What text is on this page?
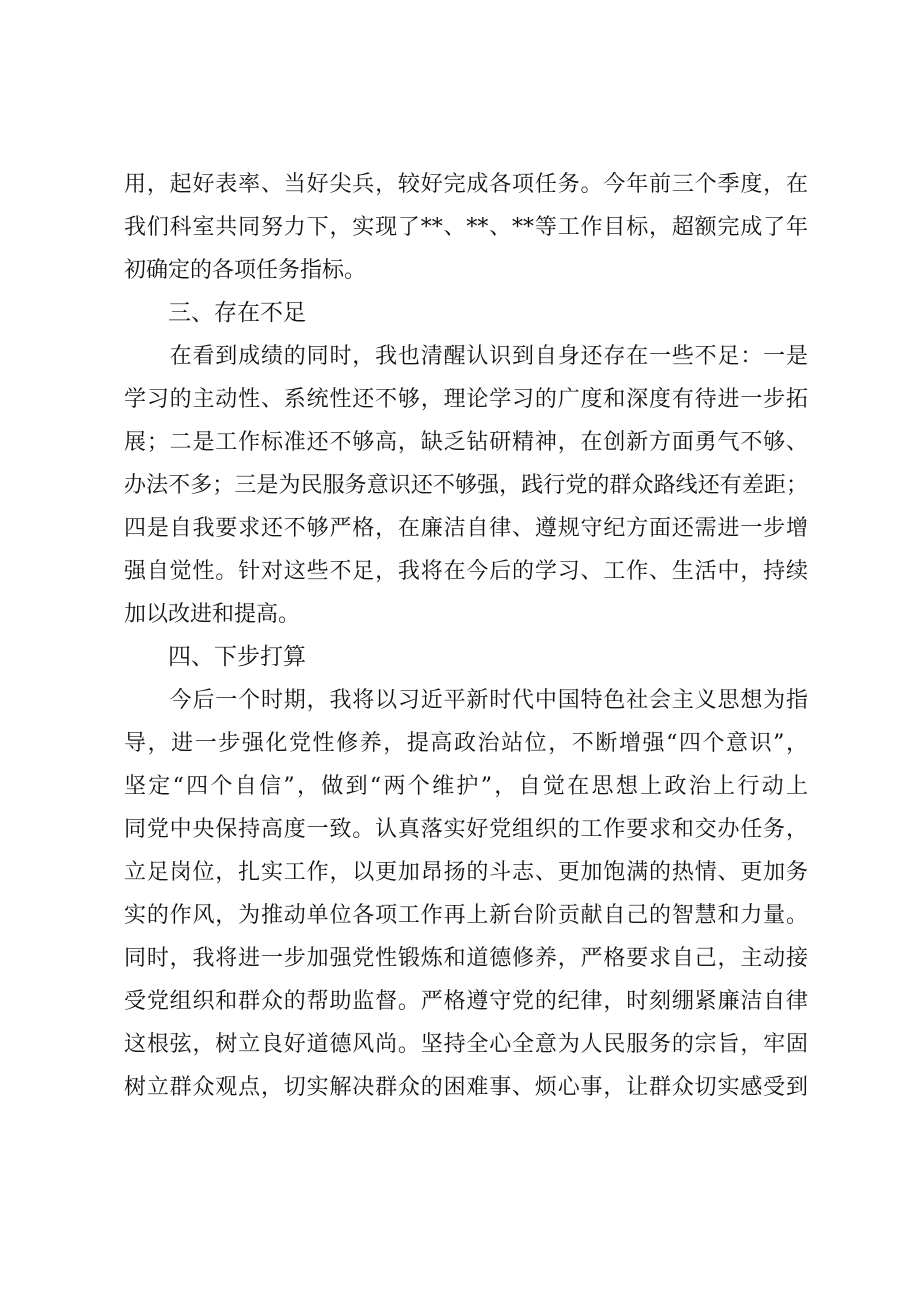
用，起好表率、当好尖兵，较好完成各项任务。今年前三个季度，在
我们科室共同努力下，实现了**、**、**等工作目标，超额完成了年
初确定的各项任务指标。
三、存在不足
　　在看到成绩的同时，我也清醒认识到自身还存在一些不足：一是
学习的主动性、系统性还不够，理论学习的广度和深度有待进一步拓
展；二是工作标准还不够高，缺乏钻研精神，在创新方面勇气不够、
办法不多；三是为民服务意识还不够强，践行党的群众路线还有差距；
四是自我要求还不够严格，在廉洁自律、遵规守纪方面还需进一步增
强自觉性。针对这些不足，我将在今后的学习、工作、生活中，持续
加以改进和提高。
四、下步打算
　　今后一个时期，我将以习近平新时代中国特色社会主义思想为指
导，进一步强化党性修养，提高政治站位，不断增强“四个意识”，
坚定“四个自信”，做到“两个维护”，自觉在思想上政治上行动上
同党中央保持高度一致。认真落实好党组织的工作要求和交办任务，
立足岗位，扎实工作，以更加昂扬的斗志、更加饱满的热情、更加务
实的作风，为推动单位各项工作再上新台阶贡献自己的智慧和力量。
同时，我将进一步加强党性锻炼和道德修养，严格要求自己，主动接
受党组织和群众的帮助监督。严格遵守党的纪律，时刻绷紧廉洁自律
这根弦，树立良好道德风尚。坚持全心全意为人民服务的宗旨，牢固
树立群众观点，切实解决群众的困难事、烦心事，让群众切实感受到
